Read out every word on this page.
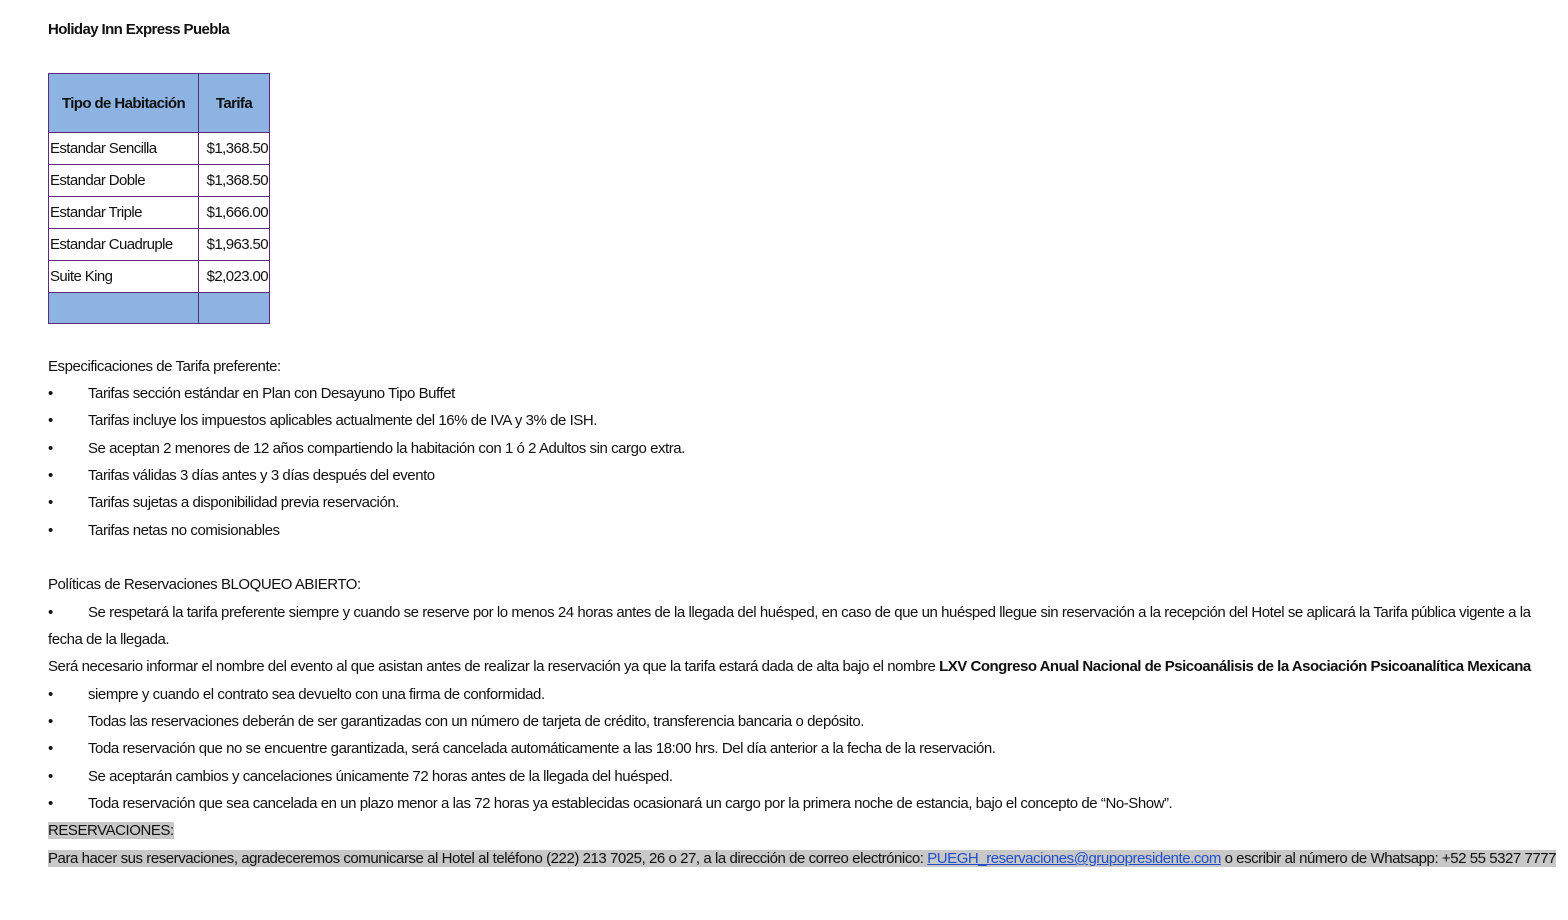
Holiday Inn Express Puebla
Tipo de Habitación	Tarifa
Estandar Sencilla	$1,368.50
Estandar Doble	$1,368.50
Estandar Triple	$1,666.00
Estandar Cuadruple	$1,963.50
Suite King	$2,023.00

Especificaciones de Tarifa preferente:
• Tarifas sección estándar en Plan con Desayuno Tipo Buffet
• Tarifas incluye los impuestos aplicables actualmente del 16% de IVA y 3% de ISH.
• Se aceptan 2 menores de 12 años compartiendo la habitación con 1 ó 2 Adultos sin cargo extra.
• Tarifas válidas 3 días antes y 3 días después del evento
• Tarifas sujetas a disponibilidad previa reservación.
• Tarifas netas no comisionables
Políticas de Reservaciones BLOQUEO ABIERTO:
• Se respetará la tarifa preferente siempre y cuando se reserve por lo menos 24 horas antes de la llegada del huésped, en caso de que un huésped llegue sin reservación a la recepción del Hotel se aplicará la Tarifa pública vigente a la
fecha de la llegada.
Será necesario informar el nombre del evento al que asistan antes de realizar la reservación ya que la tarifa estará dada de alta bajo el nombre LXV Congreso Anual Nacional de Psicoanálisis de la Asociación Psicoanalítica Mexicana
• siempre y cuando el contrato sea devuelto con una firma de conformidad.
• Todas las reservaciones deberán de ser garantizadas con un número de tarjeta de crédito, transferencia bancaria o depósito.
• Toda reservación que no se encuentre garantizada, será cancelada automáticamente a las 18:00 hrs. Del día anterior a la fecha de la reservación.
• Se aceptarán cambios y cancelaciones únicamente 72 horas antes de la llegada del huésped.
• Toda reservación que sea cancelada en un plazo menor a las 72 horas ya establecidas ocasionará un cargo por la primera noche de estancia, bajo el concepto de “No-Show”.
RESERVACIONES:
Para hacer sus reservaciones, agradeceremos comunicarse al Hotel al teléfono (222) 213 7025, 26 o 27, a la dirección de correo electrónico: PUEGH_reservaciones@grupopresidente.com o escribir al número de Whatsapp: +52 55 5327 7777
